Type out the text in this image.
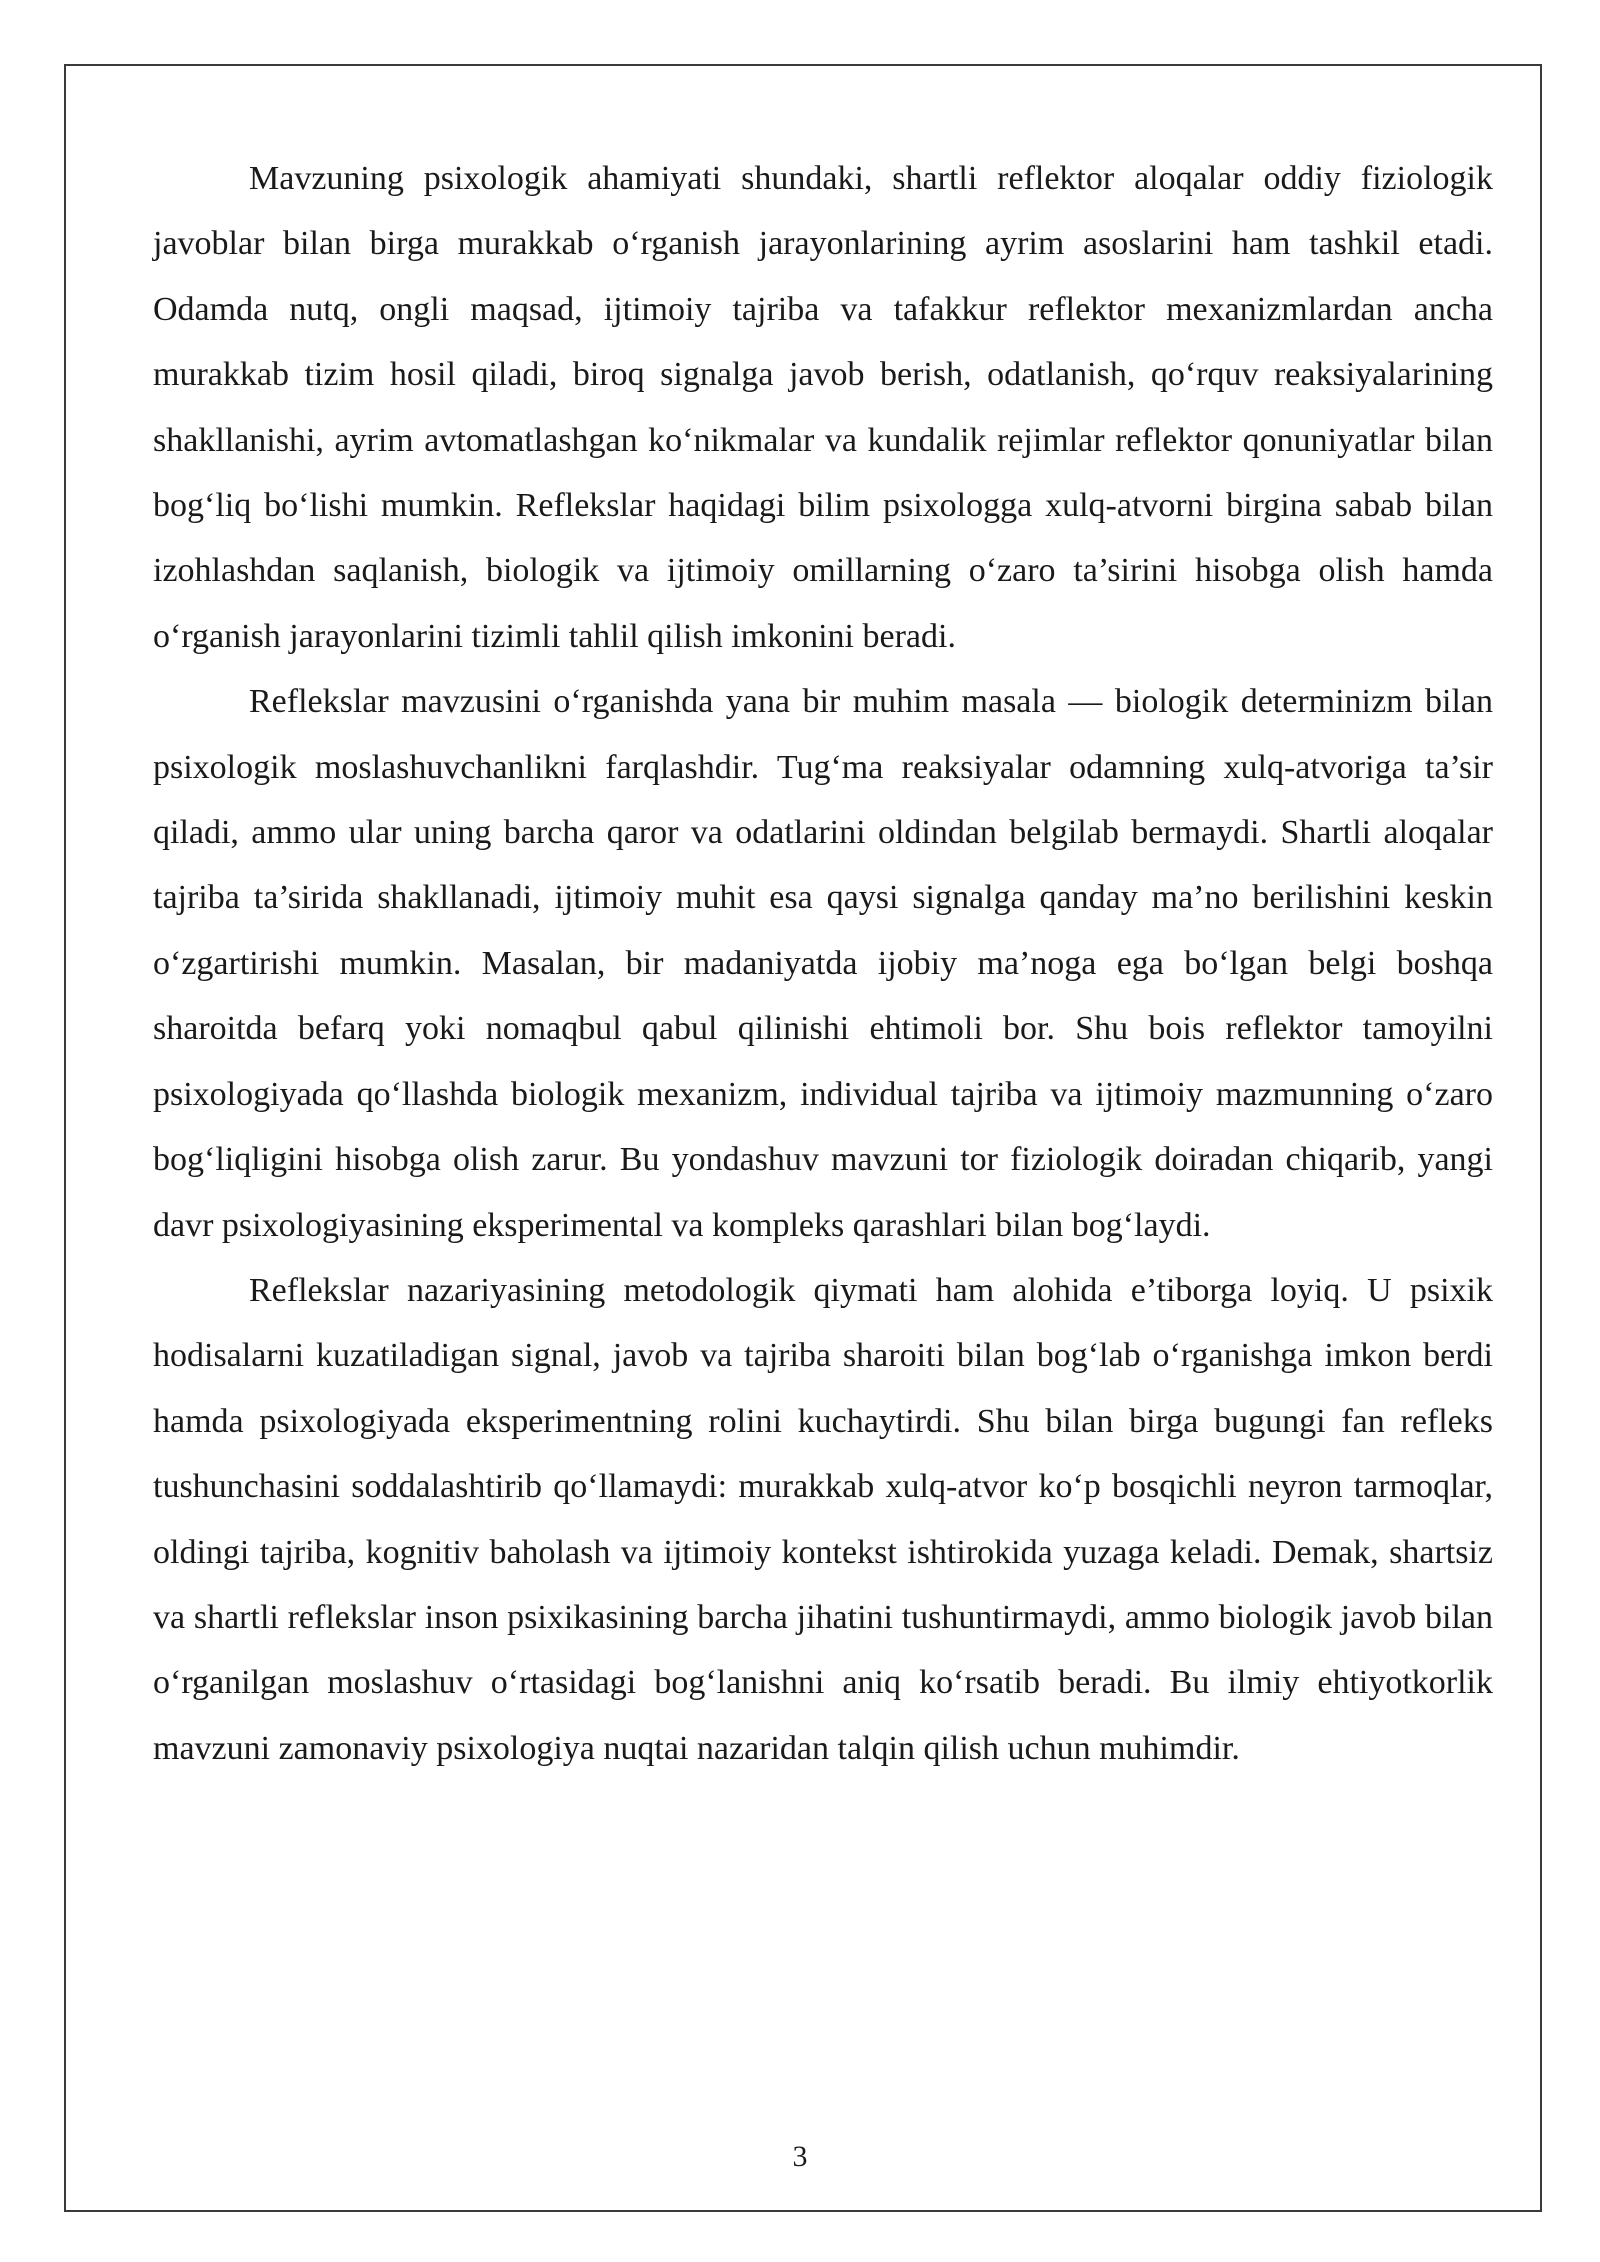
Mavzuning psixologik ahamiyati shundaki, shartli reflektor aloqalar oddiy fiziologik javoblar bilan birga murakkab o‘rganish jarayonlarining ayrim asoslarini ham tashkil etadi. Odamda nutq, ongli maqsad, ijtimoiy tajriba va tafakkur reflektor mexanizmlardan ancha murakkab tizim hosil qiladi, biroq signalga javob berish, odatlanish, qo‘rquv reaksiyalarining shakllanishi, ayrim avtomatlashgan ko‘nikmalar va kundalik rejimlar reflektor qonuniyatlar bilan bog‘liq bo‘lishi mumkin. Reflekslar haqidagi bilim psixologga xulq-atvorni birgina sabab bilan izohlashdan saqlanish, biologik va ijtimoiy omillarning o‘zaro ta’sirini hisobga olish hamda o‘rganish jarayonlarini tizimli tahlil qilish imkonini beradi.

Reflekslar mavzusini o‘rganishda yana bir muhim masala — biologik determinizm bilan psixologik moslashuvchanlikni farqlashdir. Tug‘ma reaksiyalar odamning xulq-atvoriga ta’sir qiladi, ammo ular uning barcha qaror va odatlarini oldindan belgilab bermaydi. Shartli aloqalar tajriba ta’sirida shakllanadi, ijtimoiy muhit esa qaysi signalga qanday ma’no berilishini keskin o‘zgartirishi mumkin. Masalan, bir madaniyatda ijobiy ma’noga ega bo‘lgan belgi boshqa sharoitda befarq yoki nomaqbul qabul qilinishi ehtimoli bor. Shu bois reflektor tamoyilni psixologiyada qo‘llashda biologik mexanizm, individual tajriba va ijtimoiy mazmunning o‘zaro bog‘liqligini hisobga olish zarur. Bu yondashuv mavzuni tor fiziologik doiradan chiqarib, yangi davr psixologiyasining eksperimental va kompleks qarashlari bilan bog‘laydi.

Reflekslar nazariyasining metodologik qiymati ham alohida e’tiborga loyiq. U psixik hodisalarni kuzatiladigan signal, javob va tajriba sharoiti bilan bog‘lab o‘rganishga imkon berdi hamda psixologiyada eksperimentning rolini kuchaytirdi. Shu bilan birga bugungi fan refleks tushunchasini soddalashtirib qo‘llamaydi: murakkab xulq-atvor ko‘p bosqichli neyron tarmoqlar, oldingi tajriba, kognitiv baholash va ijtimoiy kontekst ishtirokida yuzaga keladi. Demak, shartsiz va shartli reflekslar inson psixikasining barcha jihatini tushuntirmaydi, ammo biologik javob bilan o‘rganilgan moslashuv o‘rtasidagi bog‘lanishni aniq ko‘rsatib beradi. Bu ilmiy ehtiyotkorlik mavzuni zamonaviy psixologiya nuqtai nazaridan talqin qilish uchun muhimdir.

3
